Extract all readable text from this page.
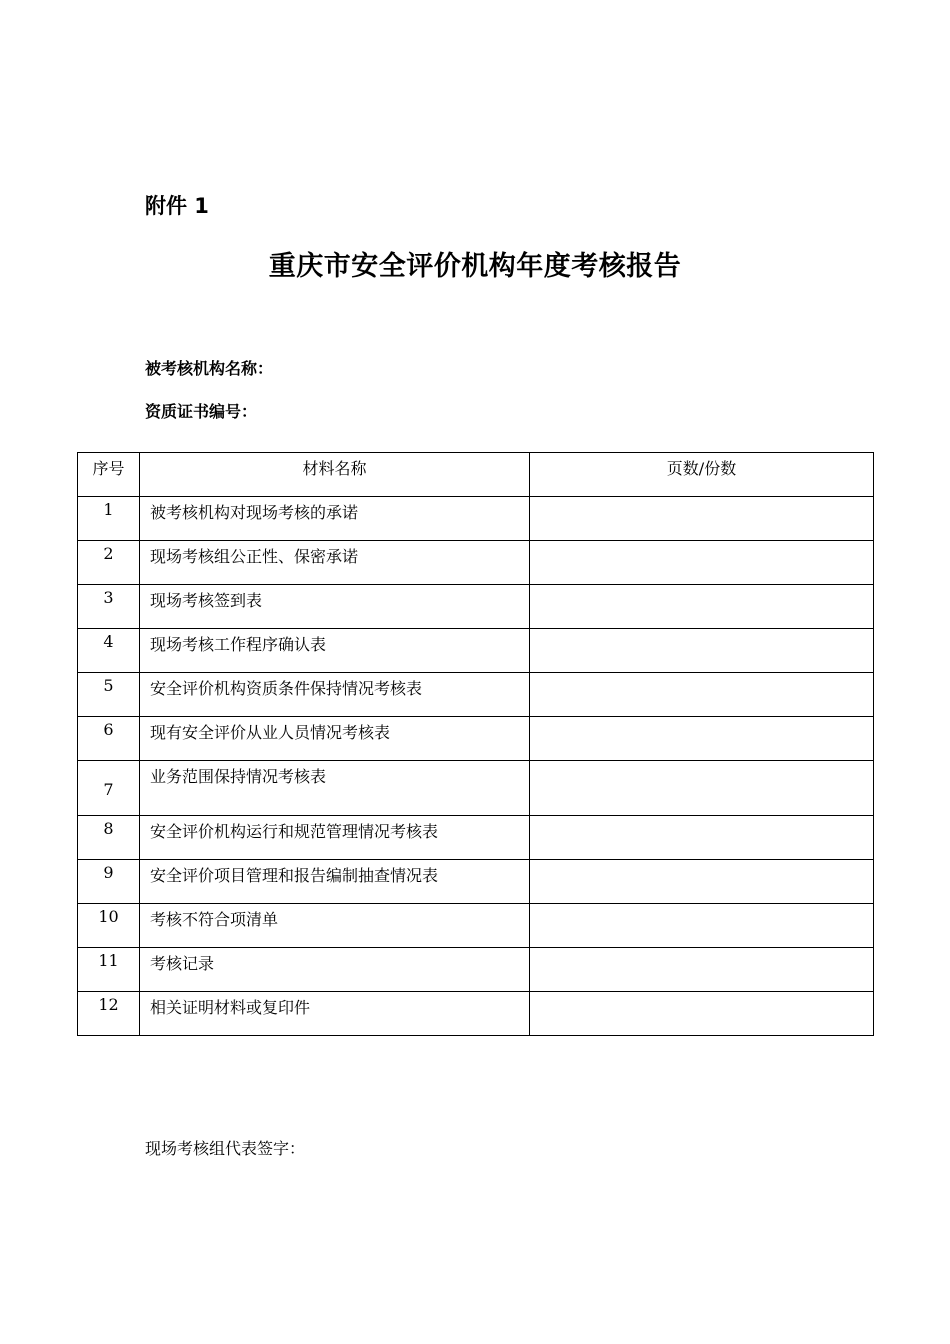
附件 1
重庆市安全评价机构年度考核报告
被考核机构名称：
资质证书编号：
序号	材料名称	页数/份数
1	被考核机构对现场考核的承诺	
2	现场考核组公正性、保密承诺	
3	现场考核签到表	
4	现场考核工作程序确认表	
5	安全评价机构资质条件保持情况考核表	
6	现有安全评价从业人员情况考核表	
7	业务范围保持情况考核表	
8	安全评价机构运行和规范管理情况考核表	
9	安全评价项目管理和报告编制抽查情况表	
10	考核不符合项清单	
11	考核记录	
12	相关证明材料或复印件	
现场考核组代表签字：
